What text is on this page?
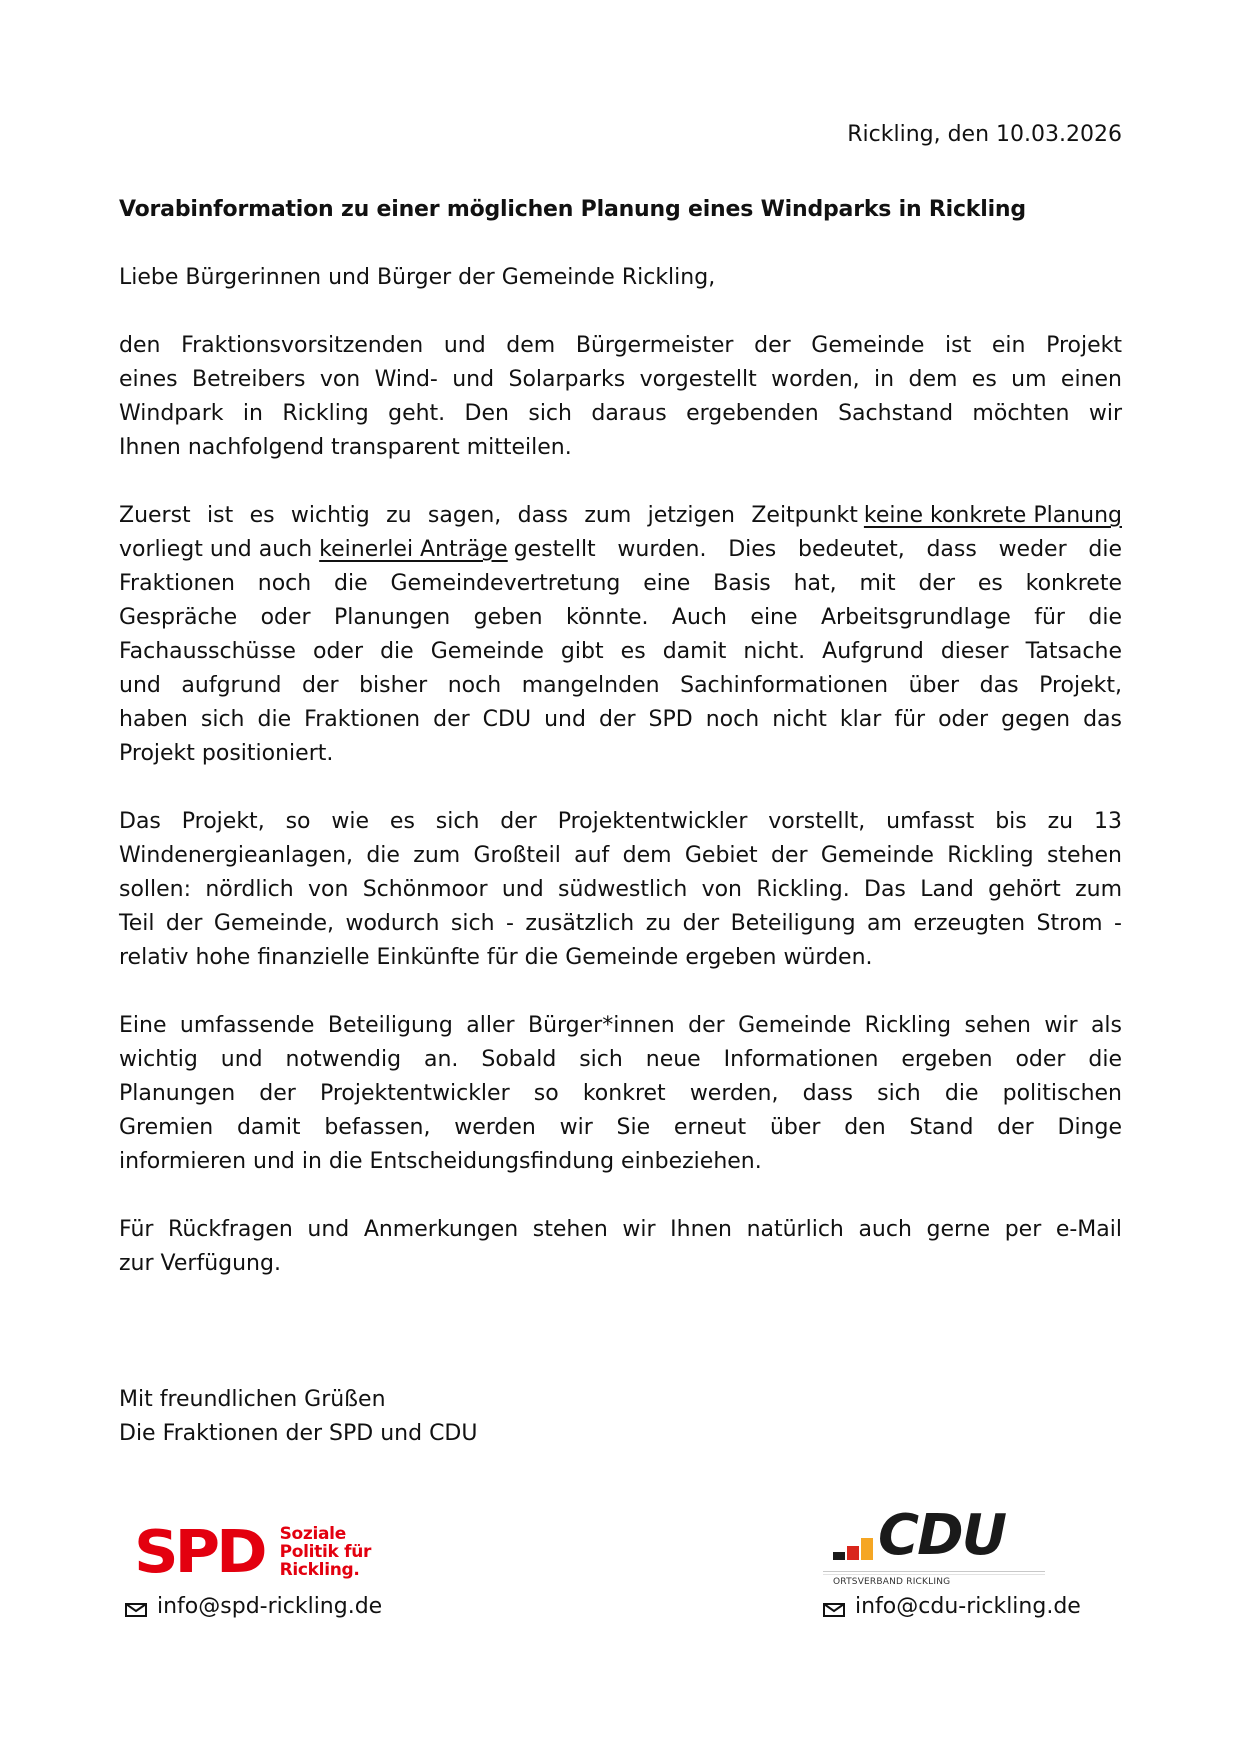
Rickling, den 10.03.2026
Vorabinformation zu einer möglichen Planung eines Windparks in Rickling
Liebe Bürgerinnen und Bürger der Gemeinde Rickling,
den Fraktionsvorsitzenden und dem Bürgermeister der Gemeinde ist ein Projekt
eines Betreibers von Wind- und Solarparks vorgestellt worden, in dem es um einen
Windpark in Rickling geht. Den sich daraus ergebenden Sachstand möchten wir
Ihnen nachfolgend transparent mitteilen.
Zuerst ist es wichtig zu sagen, dass zum jetzigen Zeitpunkt keine konkrete Planung
vorliegt und auch keinerlei Anträge gestellt wurden. Dies bedeutet, dass weder die
Fraktionen noch die Gemeindevertretung eine Basis hat, mit der es konkrete
Gespräche oder Planungen geben könnte. Auch eine Arbeitsgrundlage für die
Fachausschüsse oder die Gemeinde gibt es damit nicht. Aufgrund dieser Tatsache
und aufgrund der bisher noch mangelnden Sachinformationen über das Projekt,
haben sich die Fraktionen der CDU und der SPD noch nicht klar für oder gegen das
Projekt positioniert.
Das Projekt, so wie es sich der Projektentwickler vorstellt, umfasst bis zu 13
Windenergieanlagen, die zum Großteil auf dem Gebiet der Gemeinde Rickling stehen
sollen: nördlich von Schönmoor und südwestlich von Rickling. Das Land gehört zum
Teil der Gemeinde, wodurch sich - zusätzlich zu der Beteiligung am erzeugten Strom -
relativ hohe finanzielle Einkünfte für die Gemeinde ergeben würden.
Eine umfassende Beteiligung aller Bürger*innen der Gemeinde Rickling sehen wir als
wichtig und notwendig an. Sobald sich neue Informationen ergeben oder die
Planungen der Projektentwickler so konkret werden, dass sich die politischen
Gremien damit befassen, werden wir Sie erneut über den Stand der Dinge
informieren und in die Entscheidungsfindung einbeziehen.
Für Rückfragen und Anmerkungen stehen wir Ihnen natürlich auch gerne per e-Mail
zur Verfügung.
Mit freundlichen Grüßen
Die Fraktionen der SPD und CDU
SPD Soziale
Politik für
Rickling.
info@spd-rickling.de
CDU
ORTSVERBAND RICKLING
info@cdu-rickling.de
